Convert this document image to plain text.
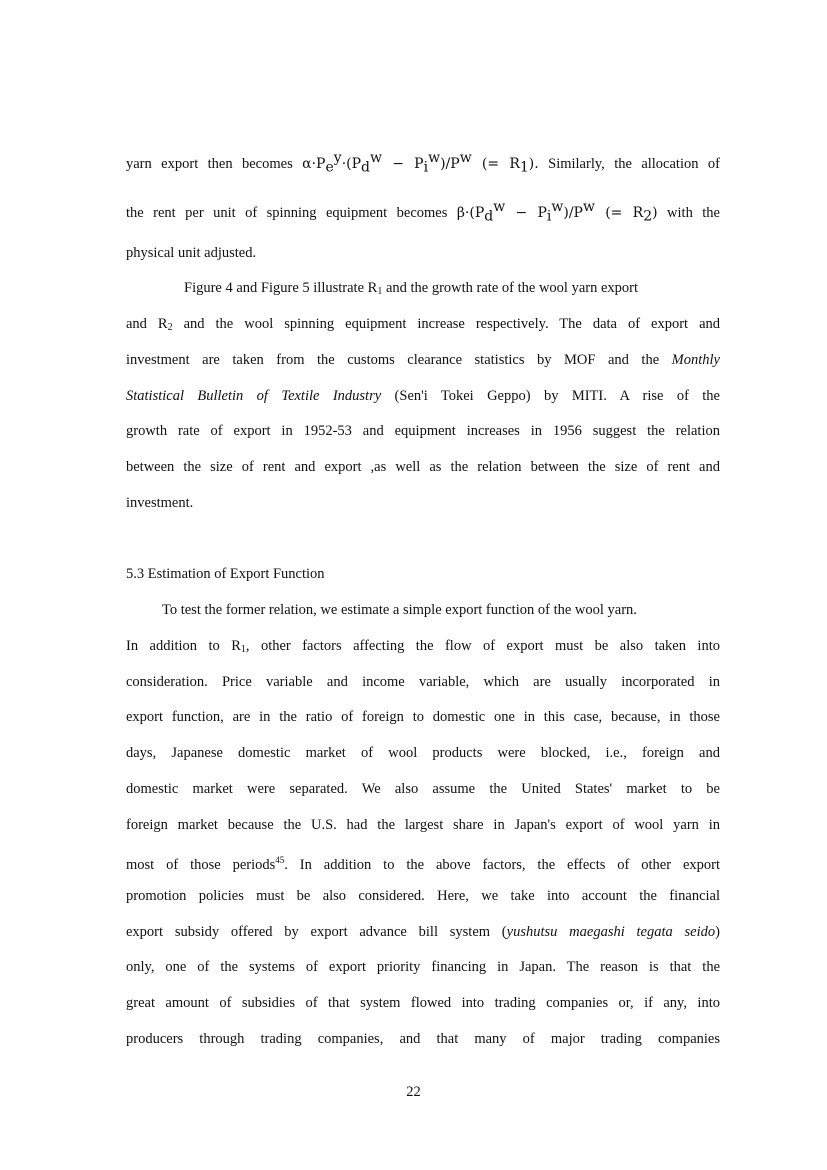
yarn export then becomes $\alpha\cdot P_e^y\cdot(P_d^w - P_i^w)/P^w$ (= $R_1$). Similarly, the allocation of
the rent per unit of spinning equipment becomes $\beta\cdot(P_d^w - P_i^w)/P^w$ (= $R_2$) with the
physical unit adjusted.
Figure 4 and Figure 5 illustrate $R_1$ and the growth rate of the wool yarn export
and $R_2$ and the wool spinning equipment increase respectively. The data of export and
investment are taken from the customs clearance statistics by MOF and the Monthly
Statistical Bulletin of Textile Industry (Sen'i Tokei Geppo) by MITI. A rise of the
growth rate of export in 1952-53 and equipment increases in 1956 suggest the relation
between the size of rent and export ,as well as the relation between the size of rent and
investment.
To test the former relation, we estimate a simple export function of the wool yarn.
In addition to $R_1$, other factors affecting the flow of export must be also taken into
consideration. Price variable and income variable, which are usually incorporated in
export function, are in the ratio of foreign to domestic one in this case, because, in those
days, Japanese domestic market of wool products were blocked, i.e., foreign and
domestic market were separated. We also assume the United States' market to be
foreign market because the U.S. had the largest share in Japan's export of wool yarn in
most of those periods$^{45}$. In addition to the above factors, the effects of other export
promotion policies must be also considered. Here, we take into account the financial
export subsidy offered by export advance bill system (yushutsu maegashi tegata seido)
only, one of the systems of export priority financing in Japan. The reason is that the
great amount of subsidies of that system flowed into trading companies or, if any, into
producers through trading companies, and that many of major trading companies
5.3 Estimation of Export Function
22
